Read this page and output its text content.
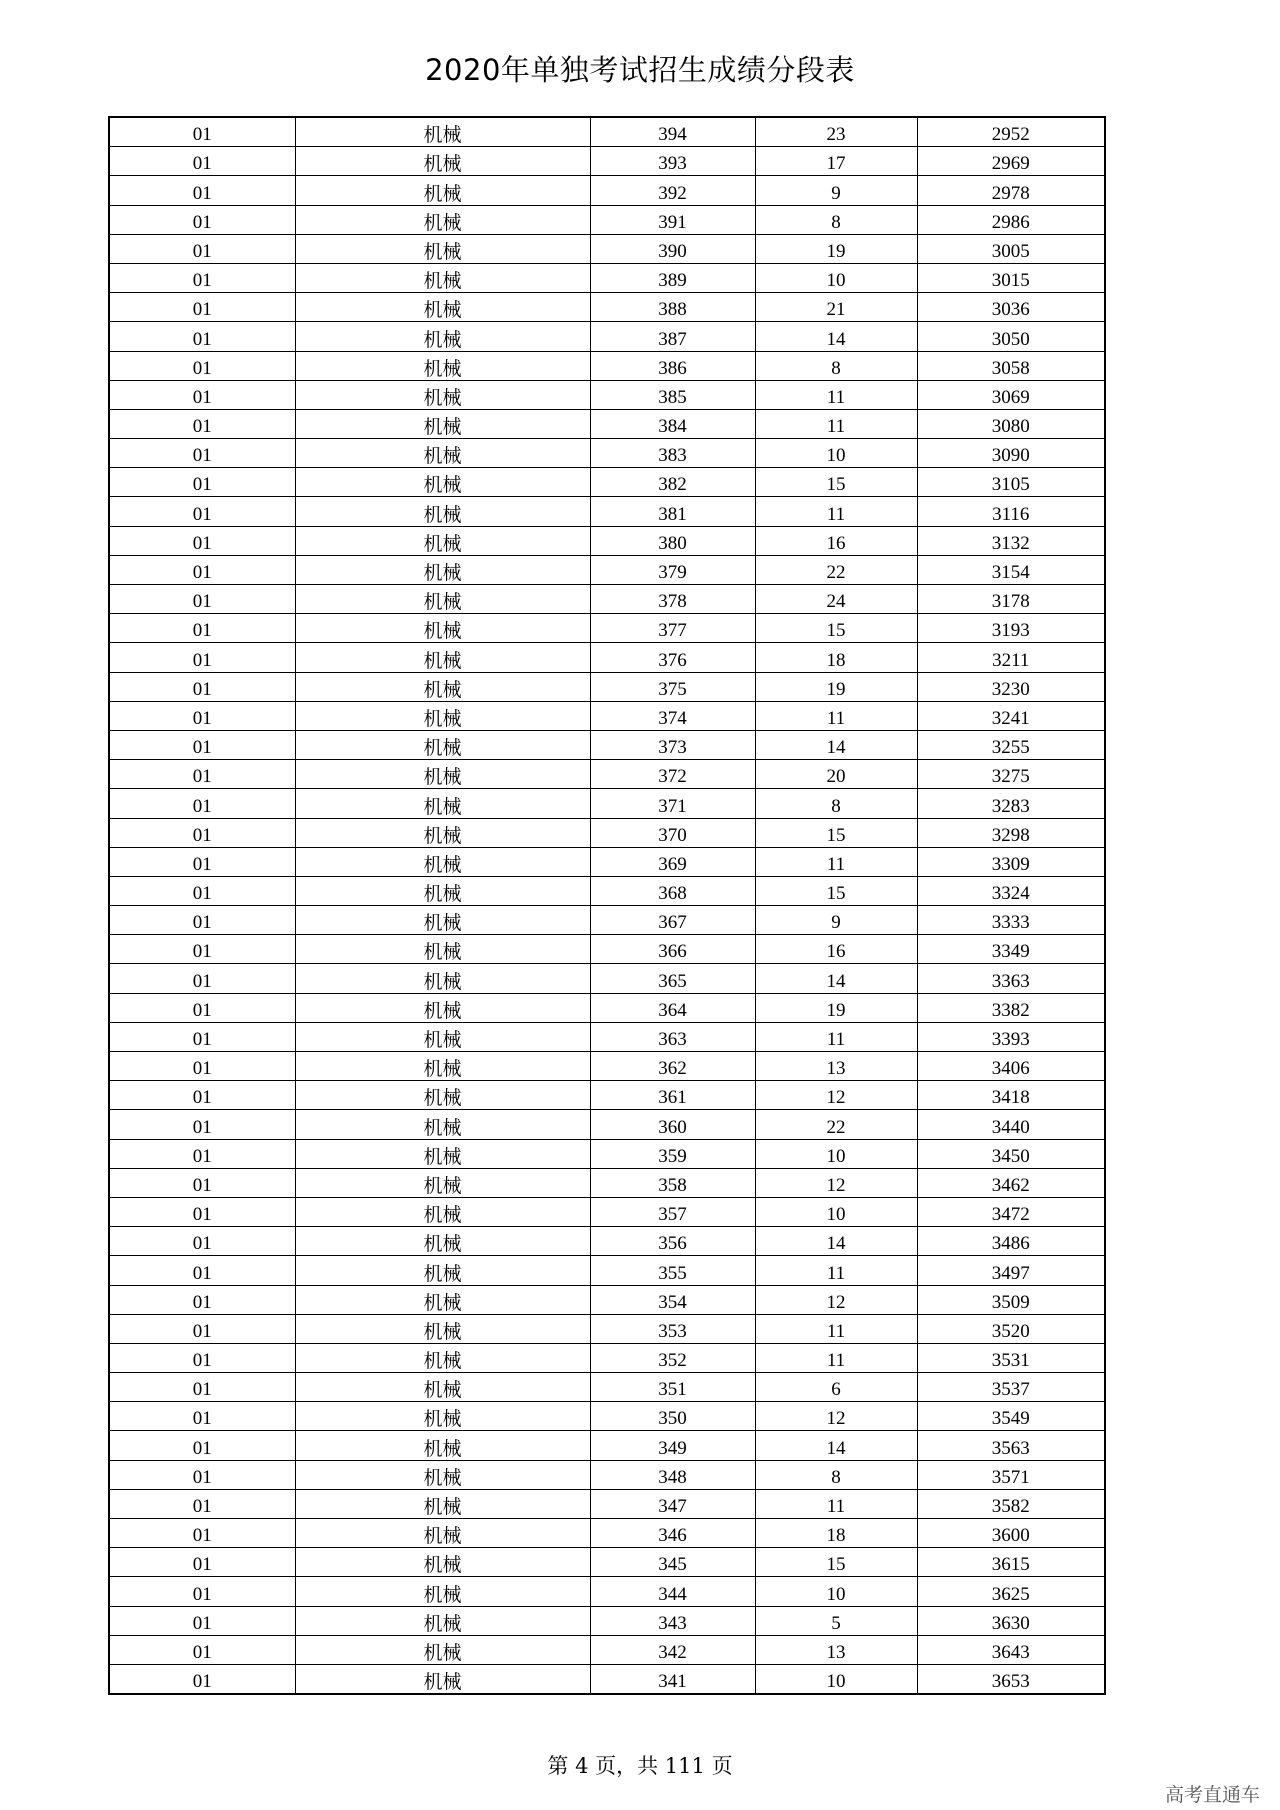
2020年单独考试招生成绩分段表
01	机械	394	23	2952
01	机械	393	17	2969
01	机械	392	9	2978
01	机械	391	8	2986
01	机械	390	19	3005
01	机械	389	10	3015
01	机械	388	21	3036
01	机械	387	14	3050
01	机械	386	8	3058
01	机械	385	11	3069
01	机械	384	11	3080
01	机械	383	10	3090
01	机械	382	15	3105
01	机械	381	11	3116
01	机械	380	16	3132
01	机械	379	22	3154
01	机械	378	24	3178
01	机械	377	15	3193
01	机械	376	18	3211
01	机械	375	19	3230
01	机械	374	11	3241
01	机械	373	14	3255
01	机械	372	20	3275
01	机械	371	8	3283
01	机械	370	15	3298
01	机械	369	11	3309
01	机械	368	15	3324
01	机械	367	9	3333
01	机械	366	16	3349
01	机械	365	14	3363
01	机械	364	19	3382
01	机械	363	11	3393
01	机械	362	13	3406
01	机械	361	12	3418
01	机械	360	22	3440
01	机械	359	10	3450
01	机械	358	12	3462
01	机械	357	10	3472
01	机械	356	14	3486
01	机械	355	11	3497
01	机械	354	12	3509
01	机械	353	11	3520
01	机械	352	11	3531
01	机械	351	6	3537
01	机械	350	12	3549
01	机械	349	14	3563
01	机械	348	8	3571
01	机械	347	11	3582
01	机械	346	18	3600
01	机械	345	15	3615
01	机械	344	10	3625
01	机械	343	5	3630
01	机械	342	13	3643
01	机械	341	10	3653
第 4 页，共 111 页
高考直通车
